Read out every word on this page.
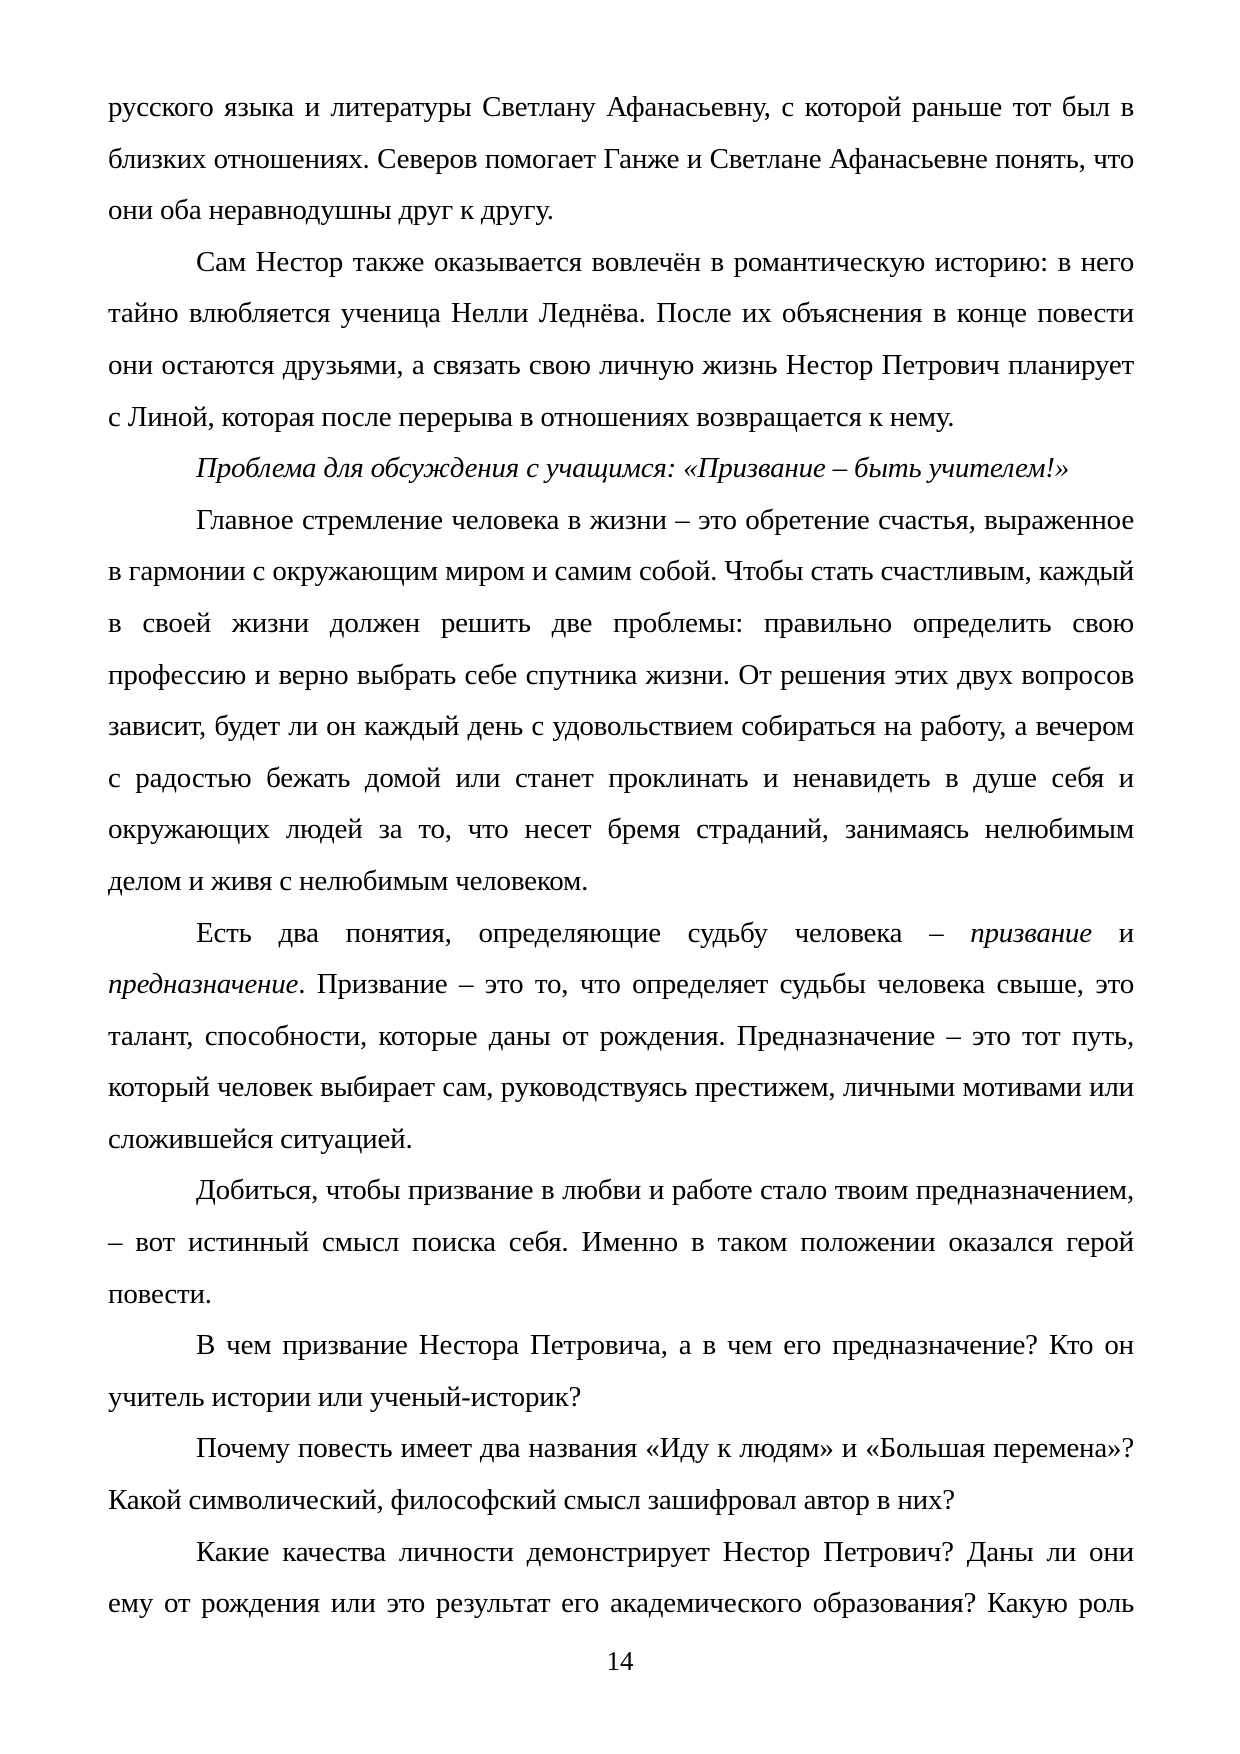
русского языка и литературы Светлану Афанасьевну, с которой раньше тот был в близких отношениях. Северов помогает Ганже и Светлане Афанасьевне понять, что они оба неравнодушны друг к другу.

Сам Нестор также оказывается вовлечён в романтическую историю: в него тайно влюбляется ученица Нелли Леднёва. После их объяснения в конце повести они остаются друзьями, а связать свою личную жизнь Нестор Петрович планирует с Линой, которая после перерыва в отношениях возвращается к нему.

Проблема для обсуждения с учащимся: «Призвание – быть учителем!»

Главное стремление человека в жизни – это обретение счастья, выраженное в гармонии с окружающим миром и самим собой. Чтобы стать счастливым, каждый в своей жизни должен решить две проблемы: правильно определить свою профессию и верно выбрать себе спутника жизни. От решения этих двух вопросов зависит, будет ли он каждый день с удовольствием собираться на работу, а вечером с радостью бежать домой или станет проклинать и ненавидеть в душе себя и окружающих людей за то, что несет бремя страданий, занимаясь нелюбимым делом и живя с нелюбимым человеком.

Есть два понятия, определяющие судьбу человека – призвание и предназначение. Призвание – это то, что определяет судьбы человека свыше, это талант, способности, которые даны от рождения. Предназначение – это тот путь, который человек выбирает сам, руководствуясь престижем, личными мотивами или сложившейся ситуацией.

Добиться, чтобы призвание в любви и работе стало твоим предназначением, – вот истинный смысл поиска себя. Именно в таком положении оказался герой повести.

В чем призвание Нестора Петровича, а в чем его предназначение? Кто он учитель истории или ученый-историк?

Почему повесть имеет два названия «Иду к людям» и «Большая перемена»? Какой символический, философский смысл зашифровал автор в них?

Какие качества личности демонстрирует Нестор Петрович? Даны ли они ему от рождения или это результат его академического образования? Какую роль

14
